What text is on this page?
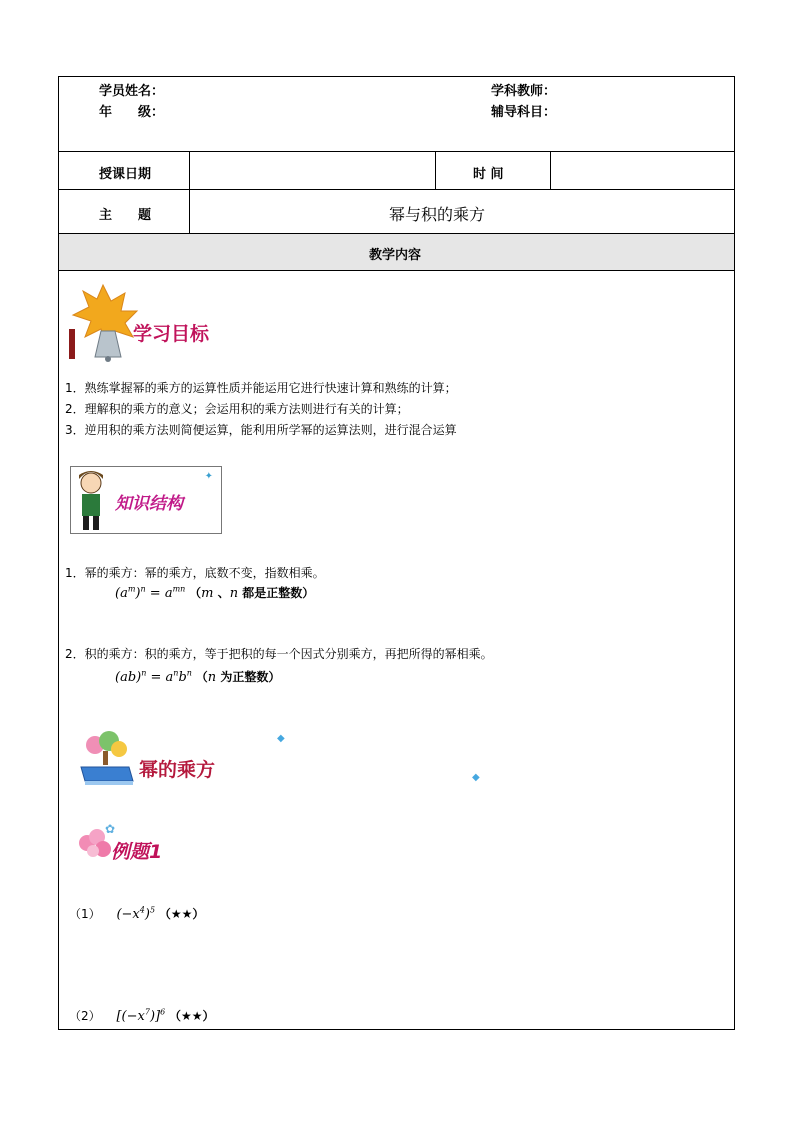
学员姓名：
年　　级：
学科教师：
辅导科目：
授课日期	时 间
主　　题	幂与积的乘方
教学内容
学习目标
1．熟练掌握幂的乘方的运算性质并能运用它进行快速计算和熟练的计算；
2．理解积的乘方的意义；会运用积的乘方法则进行有关的计算；
3．逆用积的乘方法则简便运算，能利用所学幂的运算法则，进行混合运算
知识结构
✦
1．幂的乘方：幂的乘方，底数不变，指数相乘。
$(a^m)^n = a^{mn}$ （m 、n 都是正整数）
2．积的乘方：积的乘方，等于把积的每一个因式分别乘方，再把所得的幂相乘。
$(ab)^n = a^nb^n$ （n 为正整数）
幂的乘方
◆
◆
✿
例题1
（1） $(-x^4)^5$ （★★）
（2） $[(-x^7)]^6$ （★★）
